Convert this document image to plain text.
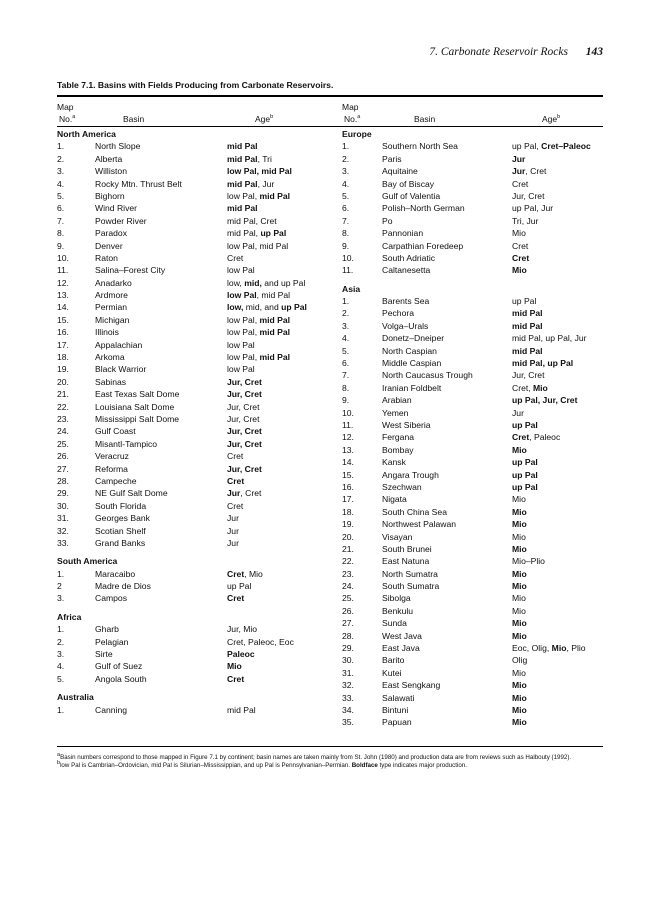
7. Carbonate Reservoir Rocks 143
Table 7.1. Basins with Fields Producing from Carbonate Reservoirs.
Map
No.$^a$	Basin	Age$^b$
North America
1.	North Slope	mid Pal
2.	Alberta	mid Pal, Tri
3.	Williston	low Pal, mid Pal
4.	Rocky Mtn. Thrust Belt	mid Pal, Jur
5.	Bighorn	low Pal, mid Pal
6.	Wind River	mid Pal
7.	Powder River	mid Pal, Cret
8.	Paradox	mid Pal, up Pal
9.	Denver	low Pal, mid Pal
10.	Raton	Cret
11.	Salina–Forest City	low Pal
12.	Anadarko	low, mid, and up Pal
13.	Ardmore	low Pal, mid Pal
14.	Permian	low, mid, and up Pal
15.	Michigan	low Pal, mid Pal
16.	Illinois	low Pal, mid Pal
17.	Appalachian	low Pal
18.	Arkoma	low Pal, mid Pal
19.	Black Warrior	low Pal
20.	Sabinas	Jur, Cret
21.	East Texas Salt Dome	Jur, Cret
22.	Louisiana Salt Dome	Jur, Cret
23.	Mississippi Salt Dome	Jur, Cret
24.	Gulf Coast	Jur, Cret
25.	Misantl-Tampico	Jur, Cret
26.	Veracruz	Cret
27.	Reforma	Jur, Cret
28.	Campeche	Cret
29.	NE Gulf Salt Dome	Jur, Cret
30.	South Florida	Cret
31.	Georges Bank	Jur
32.	Scotian Shelf	Jur
33.	Grand Banks	Jur
South America
1.	Maracaibo	Cret, Mio
2	Madre de Dios	up Pal
3.	Campos	Cret
Africa
1.	Gharb	Jur, Mio
2.	Pelagian	Cret, Paleoc, Eoc
3.	Sirte	Paleoc
4.	Gulf of Suez	Mio
5.	Angola South	Cret
Australia
1.	Canning	mid Pal
Map
No.$^a$	Basin	Age$^b$
Europe
1.	Southern North Sea	up Pal, Cret–Paleoc
2.	Paris	Jur
3.	Aquitaine	Jur, Cret
4.	Bay of Biscay	Cret
5.	Gulf of Valentia	Jur, Cret
6.	Polish–North German	up Pal, Jur
7.	Po	Tri, Jur
8.	Pannonian	Mio
9.	Carpathian Foredeep	Cret
10.	South Adriatic	Cret
11.	Caltanesetta	Mio
Asia
1.	Barents Sea	up Pal
2.	Pechora	mid Pal
3.	Volga–Urals	mid Pal
4.	Donetz–Dneiper	mid Pal, up Pal, Jur
5.	North Caspian	mid Pal
6.	Middle Caspian	mid Pal, up Pal
7.	North Caucasus Trough	Jur, Cret
8.	Iranian Foldbelt	Cret, Mio
9.	Arabian	up Pal, Jur, Cret
10.	Yemen	Jur
11.	West Siberia	up Pal
12.	Fergana	Cret, Paleoc
13.	Bombay	Mio
14.	Kansk	up Pal
15.	Angara Trough	up Pal
16.	Szechwan	up Pal
17.	Nigata	Mio
18.	South China Sea	Mio
19.	Northwest Palawan	Mio
20.	Visayan	Mio
21.	South Brunei	Mio
22.	East Natuna	Mio–Plio
23.	North Sumatra	Mio
24.	South Sumatra	Mio
25.	Sibolga	Mio
26.	Benkulu	Mio
27.	Sunda	Mio
28.	West Java	Mio
29.	East Java	Eoc, Olig, Mio, Plio
30.	Barito	Olig
31.	Kutei	Mio
32.	East Sengkang	Mio
33.	Salawati	Mio
34.	Bintuni	Mio
35.	Papuan	Mio

$^a$Basin numbers correspond to those mapped in Figure 7.1 by continent; basin names are taken mainly from St. John (1980) and production data are from reviews such as Halbouty (1992).

$^b$low Pal is Cambrian–Ordovician, mid Pal is Silurian–Mississippian, and up Pal is Pennsylvanian–Permian. Boldface type indicates major production.
